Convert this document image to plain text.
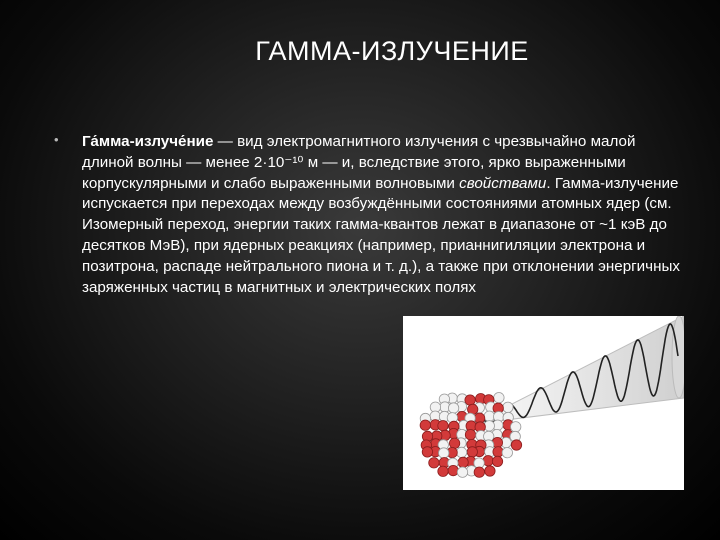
ГАММА-ИЗЛУЧЕНИЕ
• Га́мма-излуче́ние — вид электромагнитного излучения с чрезвычайно малой длиной волны — менее 2·10⁻¹⁰ м — и, вследствие этого, ярко выраженными корпускулярными и слабо выраженными волновыми свойствами. Гамма-излучение испускается при переходах между возбуждёнными состояниями атомных ядер (см. Изомерный переход, энергии таких гамма-квантов лежат в диапазоне от ~1 кэВ до десятков МэВ), при ядерных реакциях (например, прианнигиляции электрона и позитрона, распаде нейтрального пиона и т. д.), а также при отклонении энергичных заряженных частиц в магнитных и электрических полях
